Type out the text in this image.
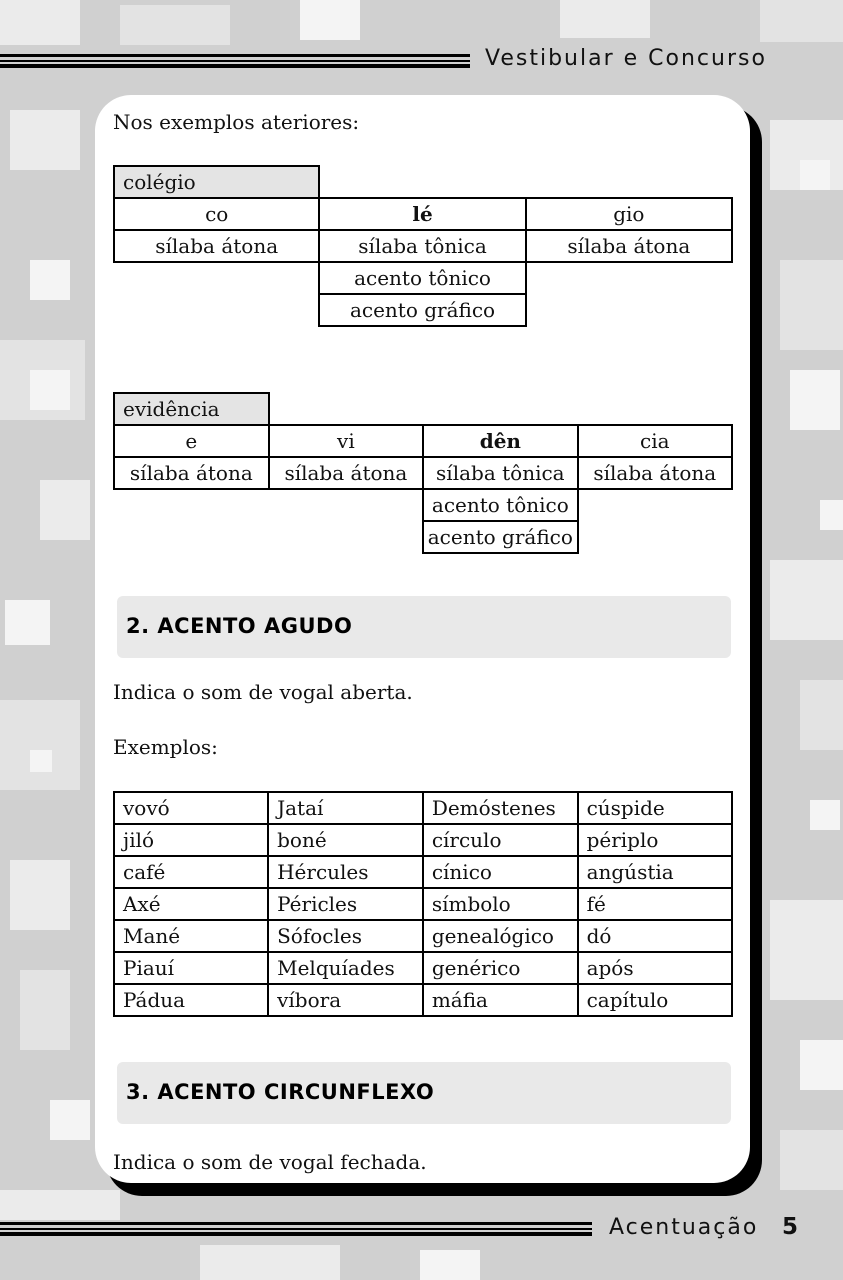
Vestibular e Concurso
Nos exemplos ateriores:
colégio		
co	lé	gio
sílaba átona	sílaba tônica	sílaba átona
	acento tônico	
	acento gráfico	
evidência			
e	vi	dên	cia
sílaba átona	sílaba átona	sílaba tônica	sílaba átona
		acento tônico	
		acento gráfico	
2. ACENTO AGUDO
Indica o som de vogal aberta.
Exemplos:
vovó	Jataí	Demóstenes	cúspide
jiló	boné	círculo	périplo
café	Hércules	cínico	angústia
Axé	Péricles	símbolo	fé
Mané	Sófocles	genealógico	dó
Piauí	Melquíades	genérico	após
Pádua	víbora	máfia	capítulo
3. ACENTO CIRCUNFLEXO
Indica o som de vogal fechada.
Acentuação 5
